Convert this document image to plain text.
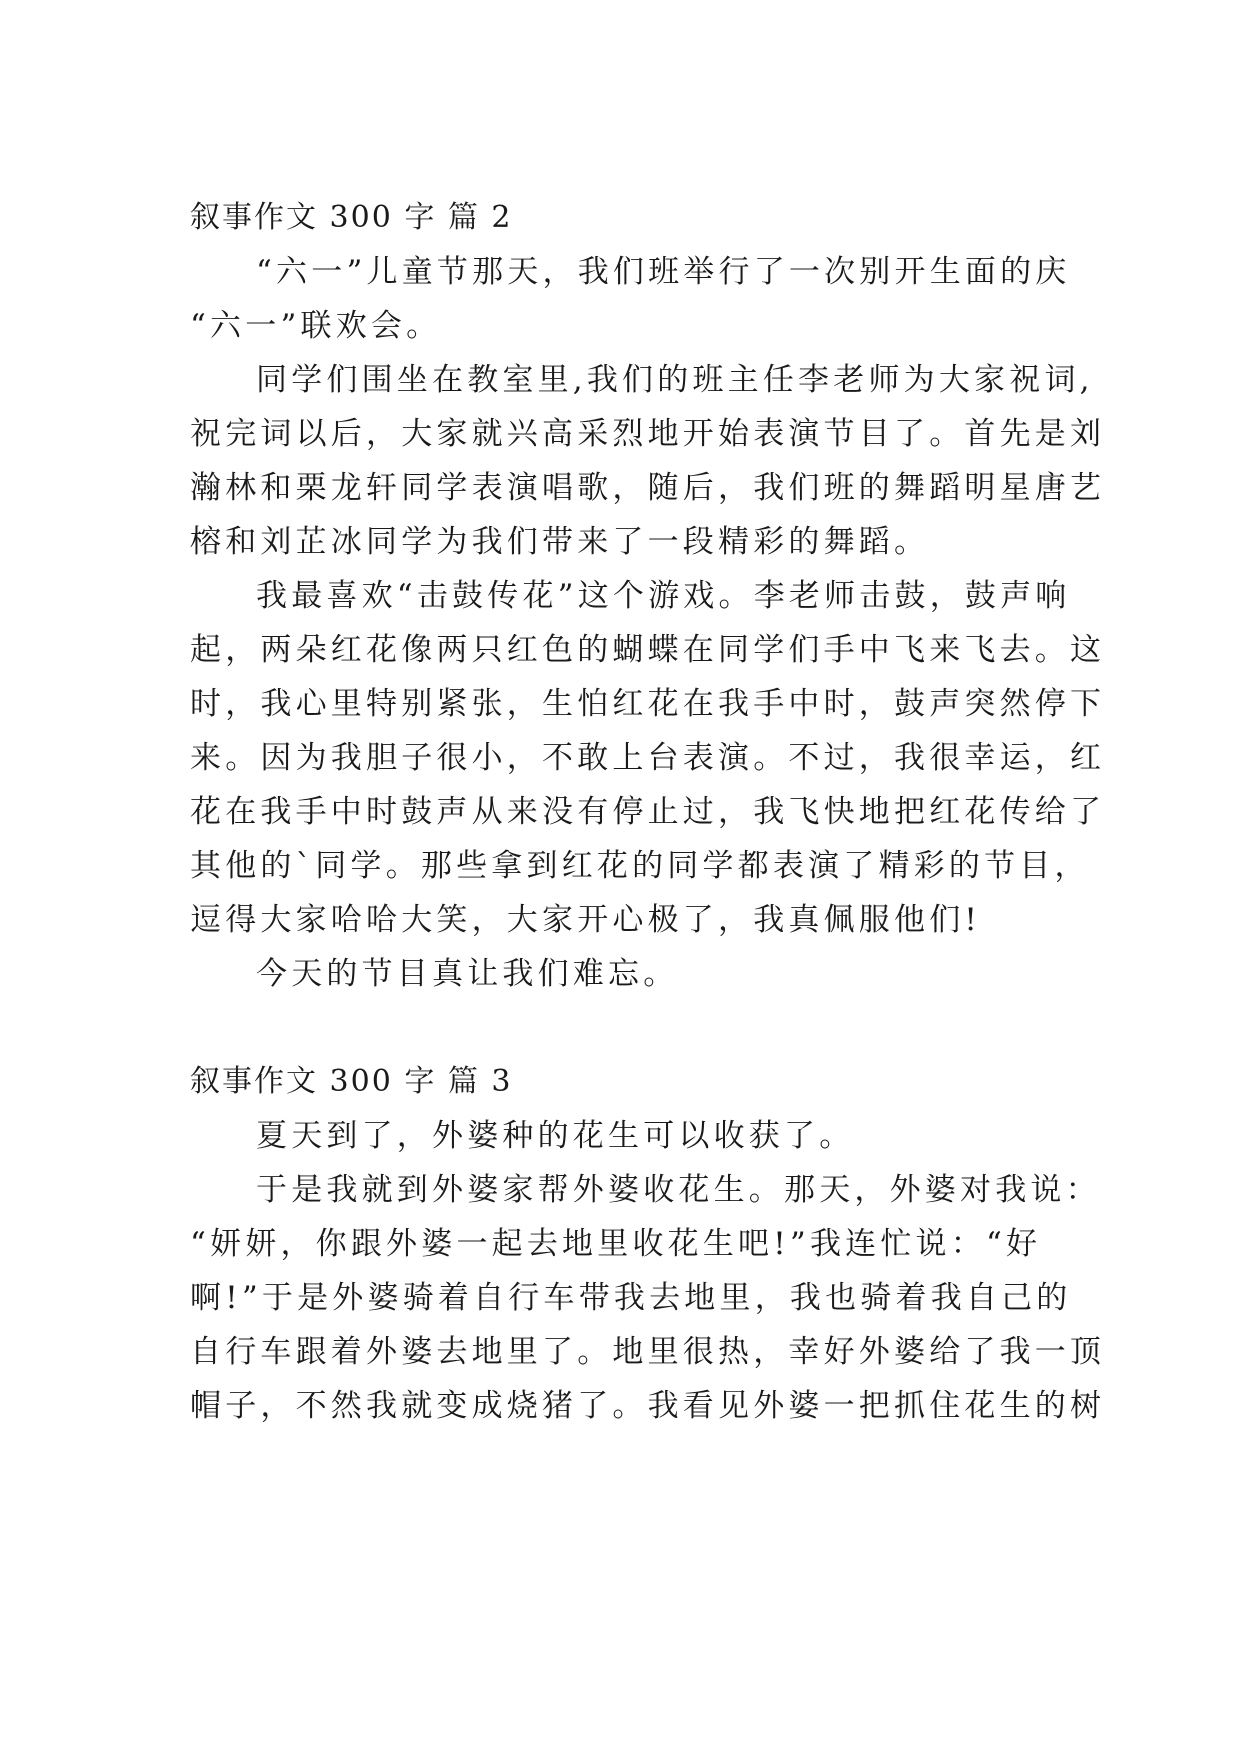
叙事作文 300 字 篇 2
“六一”儿童节那天，我们班举行了一次别开生面的庆
“六一”联欢会。
同学们围坐在教室里,我们的班主任李老师为大家祝词,
祝完词以后，大家就兴高采烈地开始表演节目了。首先是刘
瀚林和栗龙轩同学表演唱歌，随后，我们班的舞蹈明星唐艺
榕和刘芷冰同学为我们带来了一段精彩的舞蹈。
我最喜欢“击鼓传花”这个游戏。李老师击鼓，鼓声响
起，两朵红花像两只红色的蝴蝶在同学们手中飞来飞去。这
时，我心里特别紧张，生怕红花在我手中时，鼓声突然停下
来。因为我胆子很小，不敢上台表演。不过，我很幸运，红
花在我手中时鼓声从来没有停止过，我飞快地把红花传给了
其他的`同学。那些拿到红花的同学都表演了精彩的节目，
逗得大家哈哈大笑，大家开心极了，我真佩服他们!
今天的节目真让我们难忘。
叙事作文 300 字 篇 3
夏天到了，外婆种的花生可以收获了。
于是我就到外婆家帮外婆收花生。那天，外婆对我说：
“妍妍，你跟外婆一起去地里收花生吧!”我连忙说：“好
啊!”于是外婆骑着自行车带我去地里，我也骑着我自己的
自行车跟着外婆去地里了。地里很热，幸好外婆给了我一顶
帽子，不然我就变成烧猪了。我看见外婆一把抓住花生的树
